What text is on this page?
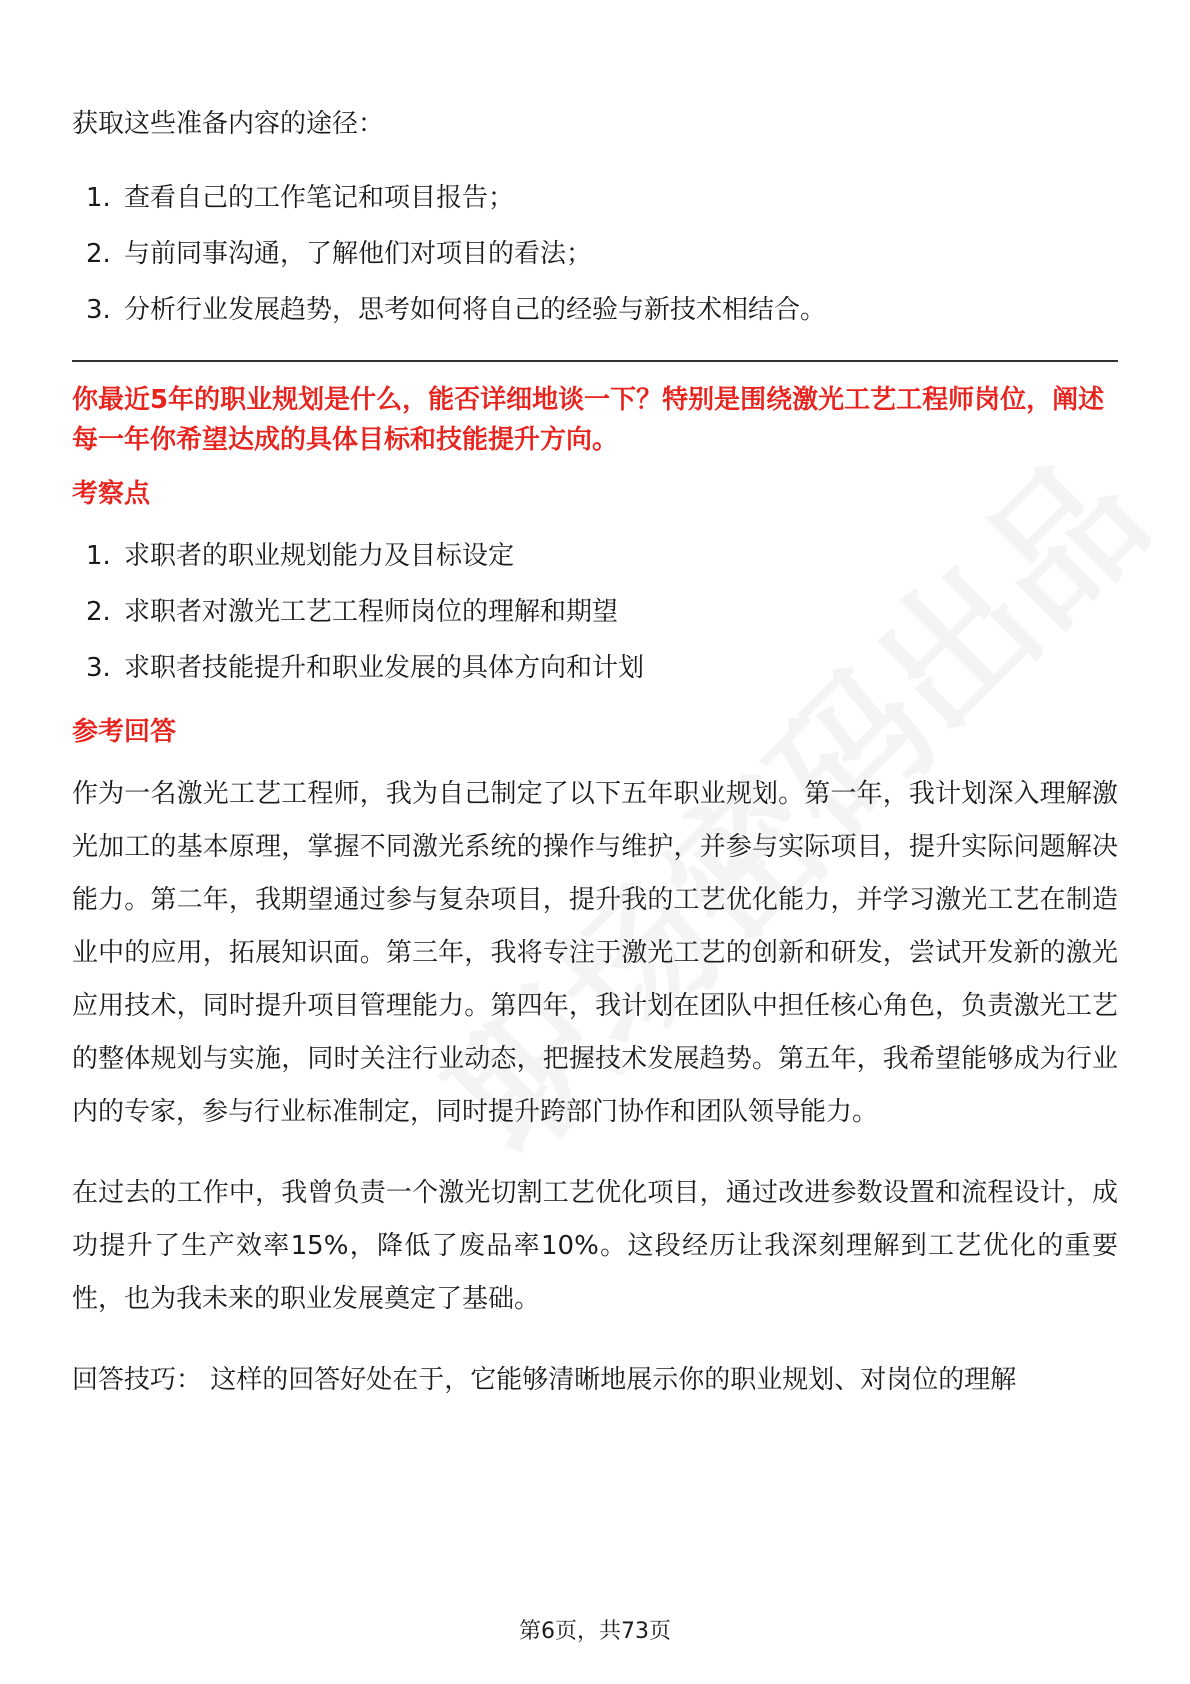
获取这些准备内容的途径：

1. 查看自己的工作笔记和项目报告；
2. 与前同事沟通，了解他们对项目的看法；
3. 分析行业发展趋势，思考如何将自己的经验与新技术相结合。

你最近5年的职业规划是什么，能否详细地谈一下？特别是围绕激光工艺工程师岗位，阐述每一年你希望达成的具体目标和技能提升方向。

考察点

1. 求职者的职业规划能力及目标设定
2. 求职者对激光工艺工程师岗位的理解和期望
3. 求职者技能提升和职业发展的具体方向和计划

参考回答

作为一名激光工艺工程师，我为自己制定了以下五年职业规划。第一年，我计划深入理解激光加工的基本原理，掌握不同激光系统的操作与维护，并参与实际项目，提升实际问题解决能力。第二年，我期望通过参与复杂项目，提升我的工艺优化能力，并学习激光工艺在制造业中的应用，拓展知识面。第三年，我将专注于激光工艺的创新和研发，尝试开发新的激光应用技术，同时提升项目管理能力。第四年，我计划在团队中担任核心角色，负责激光工艺的整体规划与实施，同时关注行业动态，把握技术发展趋势。第五年，我希望能够成为行业内的专家，参与行业标准制定，同时提升跨部门协作和团队领导能力。

在过去的工作中，我曾负责一个激光切割工艺优化项目，通过改进参数设置和流程设计，成功提升了生产效率15%，降低了废品率10%。这段经历让我深刻理解到工艺优化的重要性，也为我未来的职业发展奠定了基础。

回答技巧： 这样的回答好处在于，它能够清晰地展示你的职业规划、对岗位的理解

第6页，共73页
